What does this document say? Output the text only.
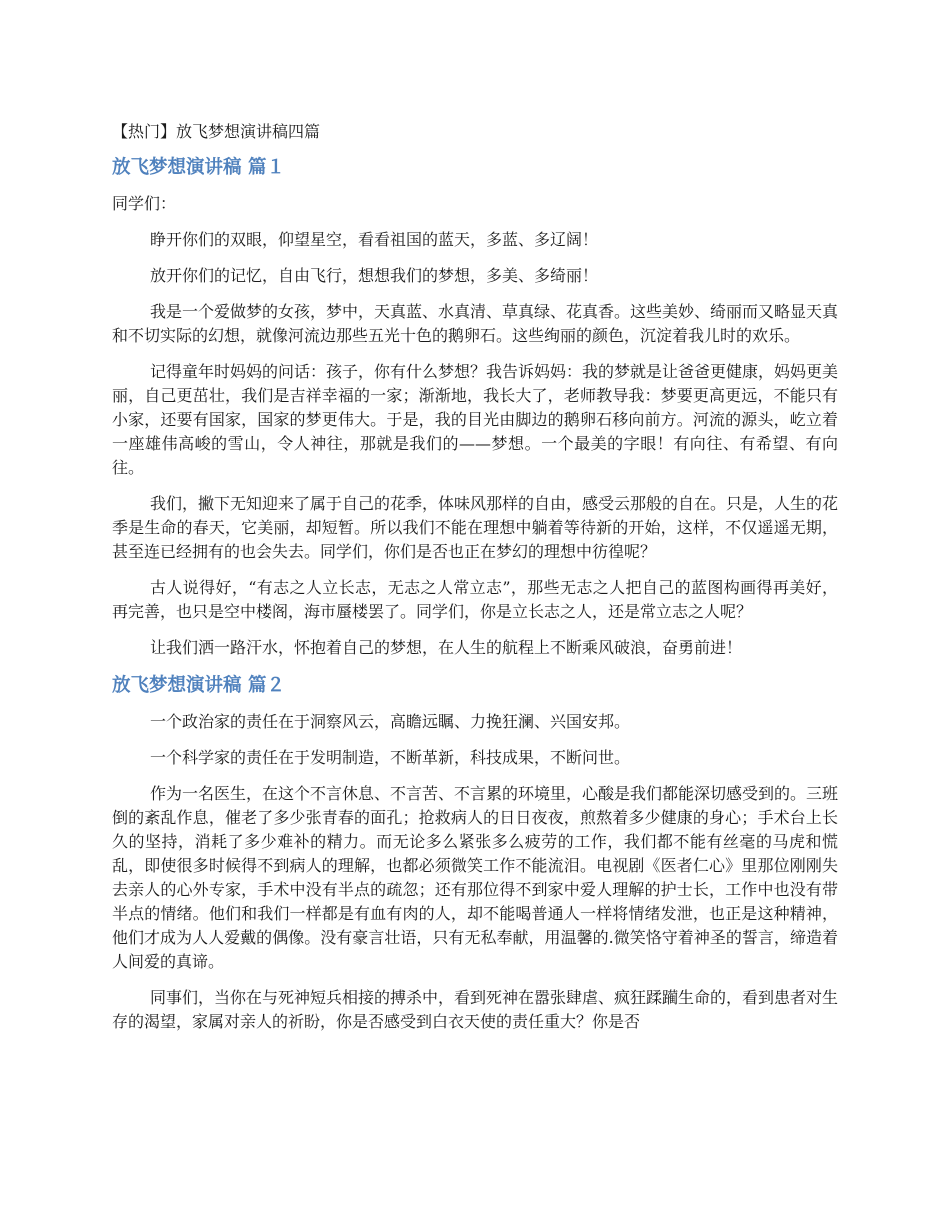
【热门】放飞梦想演讲稿四篇
放飞梦想演讲稿 篇１
同学们：

睁开你们的双眼，仰望星空，看看祖国的蓝天，多蓝、多辽阔！

放开你们的记忆，自由飞行，想想我们的梦想，多美、多绮丽！

我是一个爱做梦的女孩，梦中，天真蓝、水真清、草真绿、花真香。这些美妙、绮丽而又略显天真和不切实际的幻想，就像河流边那些五光十色的鹅卵石。这些绚丽的颜色，沉淀着我儿时的欢乐。

记得童年时妈妈的问话：孩子，你有什么梦想？我告诉妈妈：我的梦就是让爸爸更健康，妈妈更美丽，自己更茁壮，我们是吉祥幸福的一家；渐渐地，我长大了，老师教导我：梦要更高更远，不能只有小家，还要有国家，国家的梦更伟大。于是，我的目光由脚边的鹅卵石移向前方。河流的源头，屹立着一座雄伟高峻的雪山，令人神往，那就是我们的——梦想。一个最美的字眼！有向往、有希望、有向往。

我们，撇下无知迎来了属于自己的花季，体味风那样的自由，感受云那般的自在。只是，人生的花季是生命的春天，它美丽，却短暂。所以我们不能在理想中躺着等待新的开始，这样，不仅遥遥无期，甚至连已经拥有的也会失去。同学们，你们是否也正在梦幻的理想中彷徨呢？

古人说得好，“有志之人立长志，无志之人常立志”，那些无志之人把自己的蓝图构画得再美好，再完善，也只是空中楼阁，海市蜃楼罢了。同学们，你是立长志之人，还是常立志之人呢？

让我们洒一路汗水，怀抱着自己的梦想，在人生的航程上不断乘风破浪，奋勇前进！

放飞梦想演讲稿 篇２

一个政治家的责任在于洞察风云，高瞻远瞩、力挽狂澜、兴国安邦。

一个科学家的责任在于发明制造，不断革新，科技成果，不断问世。

作为一名医生，在这个不言休息、不言苦、不言累的环境里，心酸是我们都能深切感受到的。三班倒的紊乱作息，催老了多少张青春的面孔；抢救病人的日日夜夜，煎熬着多少健康的身心；手术台上长久的坚持，消耗了多少难补的精力。而无论多么紧张多么疲劳的工作，我们都不能有丝毫的马虎和慌乱，即使很多时候得不到病人的理解，也都必须微笑工作不能流泪。电视剧《医者仁心》里那位刚刚失去亲人的心外专家，手术中没有半点的疏忽；还有那位得不到家中爱人理解的护士长，工作中也没有带半点的情绪。他们和我们一样都是有血有肉的人，却不能喝普通人一样将情绪发泄，也正是这种精神，他们才成为人人爱戴的偶像。没有豪言壮语，只有无私奉献，用温馨的.微笑恪守着神圣的誓言，缔造着人间爱的真谛。

同事们，当你在与死神短兵相接的搏杀中，看到死神在嚣张肆虐、疯狂蹂躏生命的，看到患者对生存的渴望，家属对亲人的祈盼，你是否感受到白衣天使的责任重大？你是否
